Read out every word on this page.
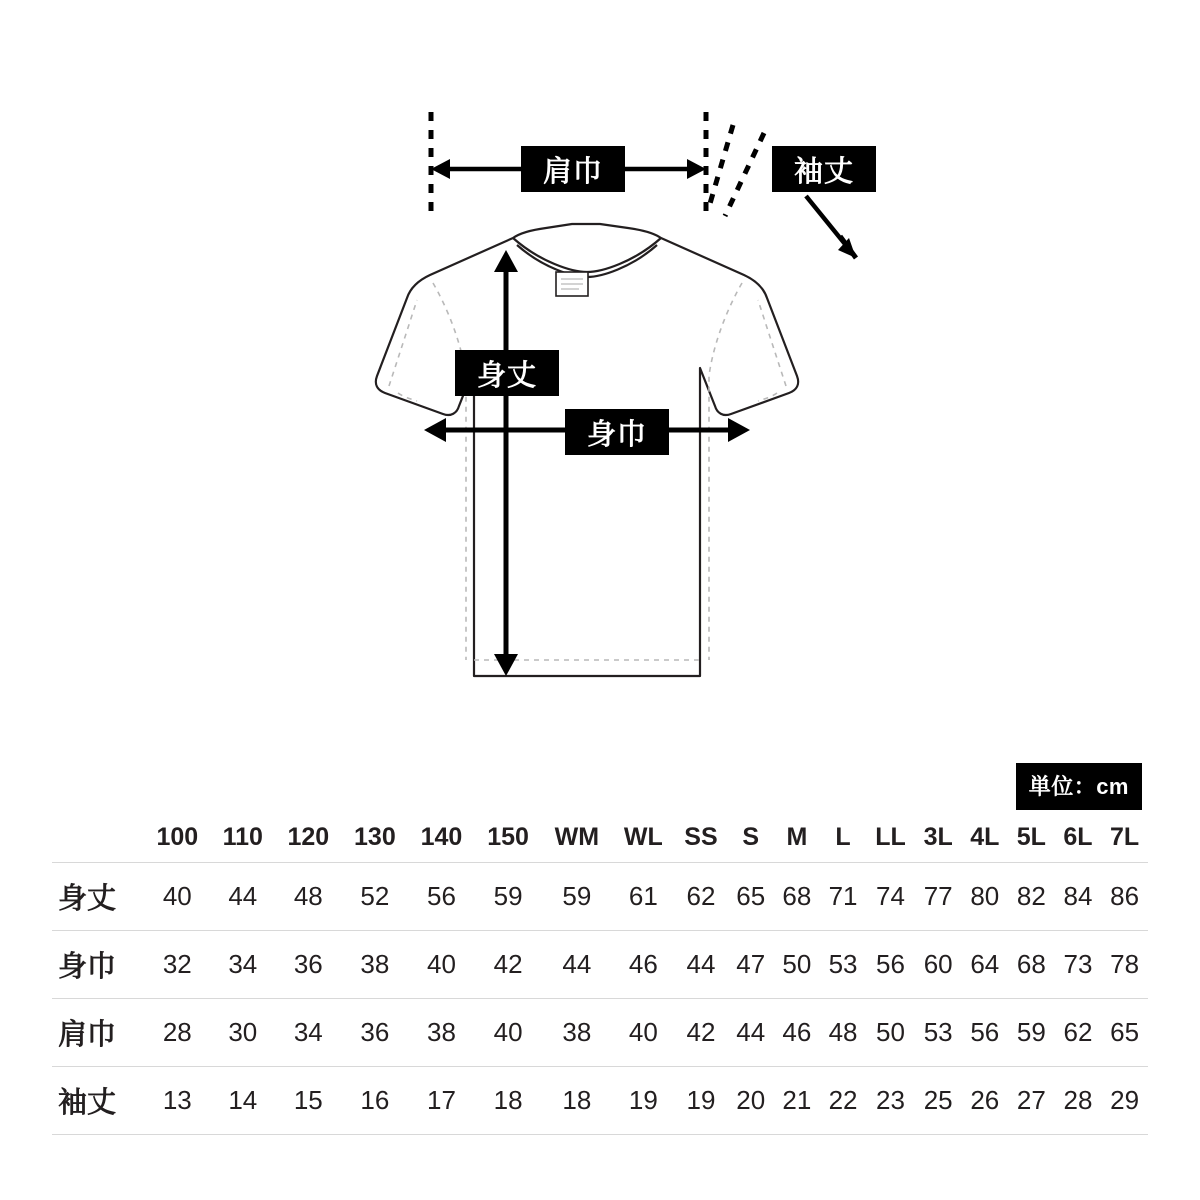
肩巾	袖丈
身丈
身巾
単位：cm
	100	110	120	130	140	150	WM	WL	SS	S	M	L	LL	3L	4L	5L	6L	7L
身丈	40	44	48	52	56	59	59	61	62	65	68	71	74	77	80	82	84	86
身巾	32	34	36	38	40	42	44	46	44	47	50	53	56	60	64	68	73	78
肩巾	28	30	34	36	38	40	38	40	42	44	46	48	50	53	56	59	62	65
袖丈	13	14	15	16	17	18	18	19	19	20	21	22	23	25	26	27	28	29
